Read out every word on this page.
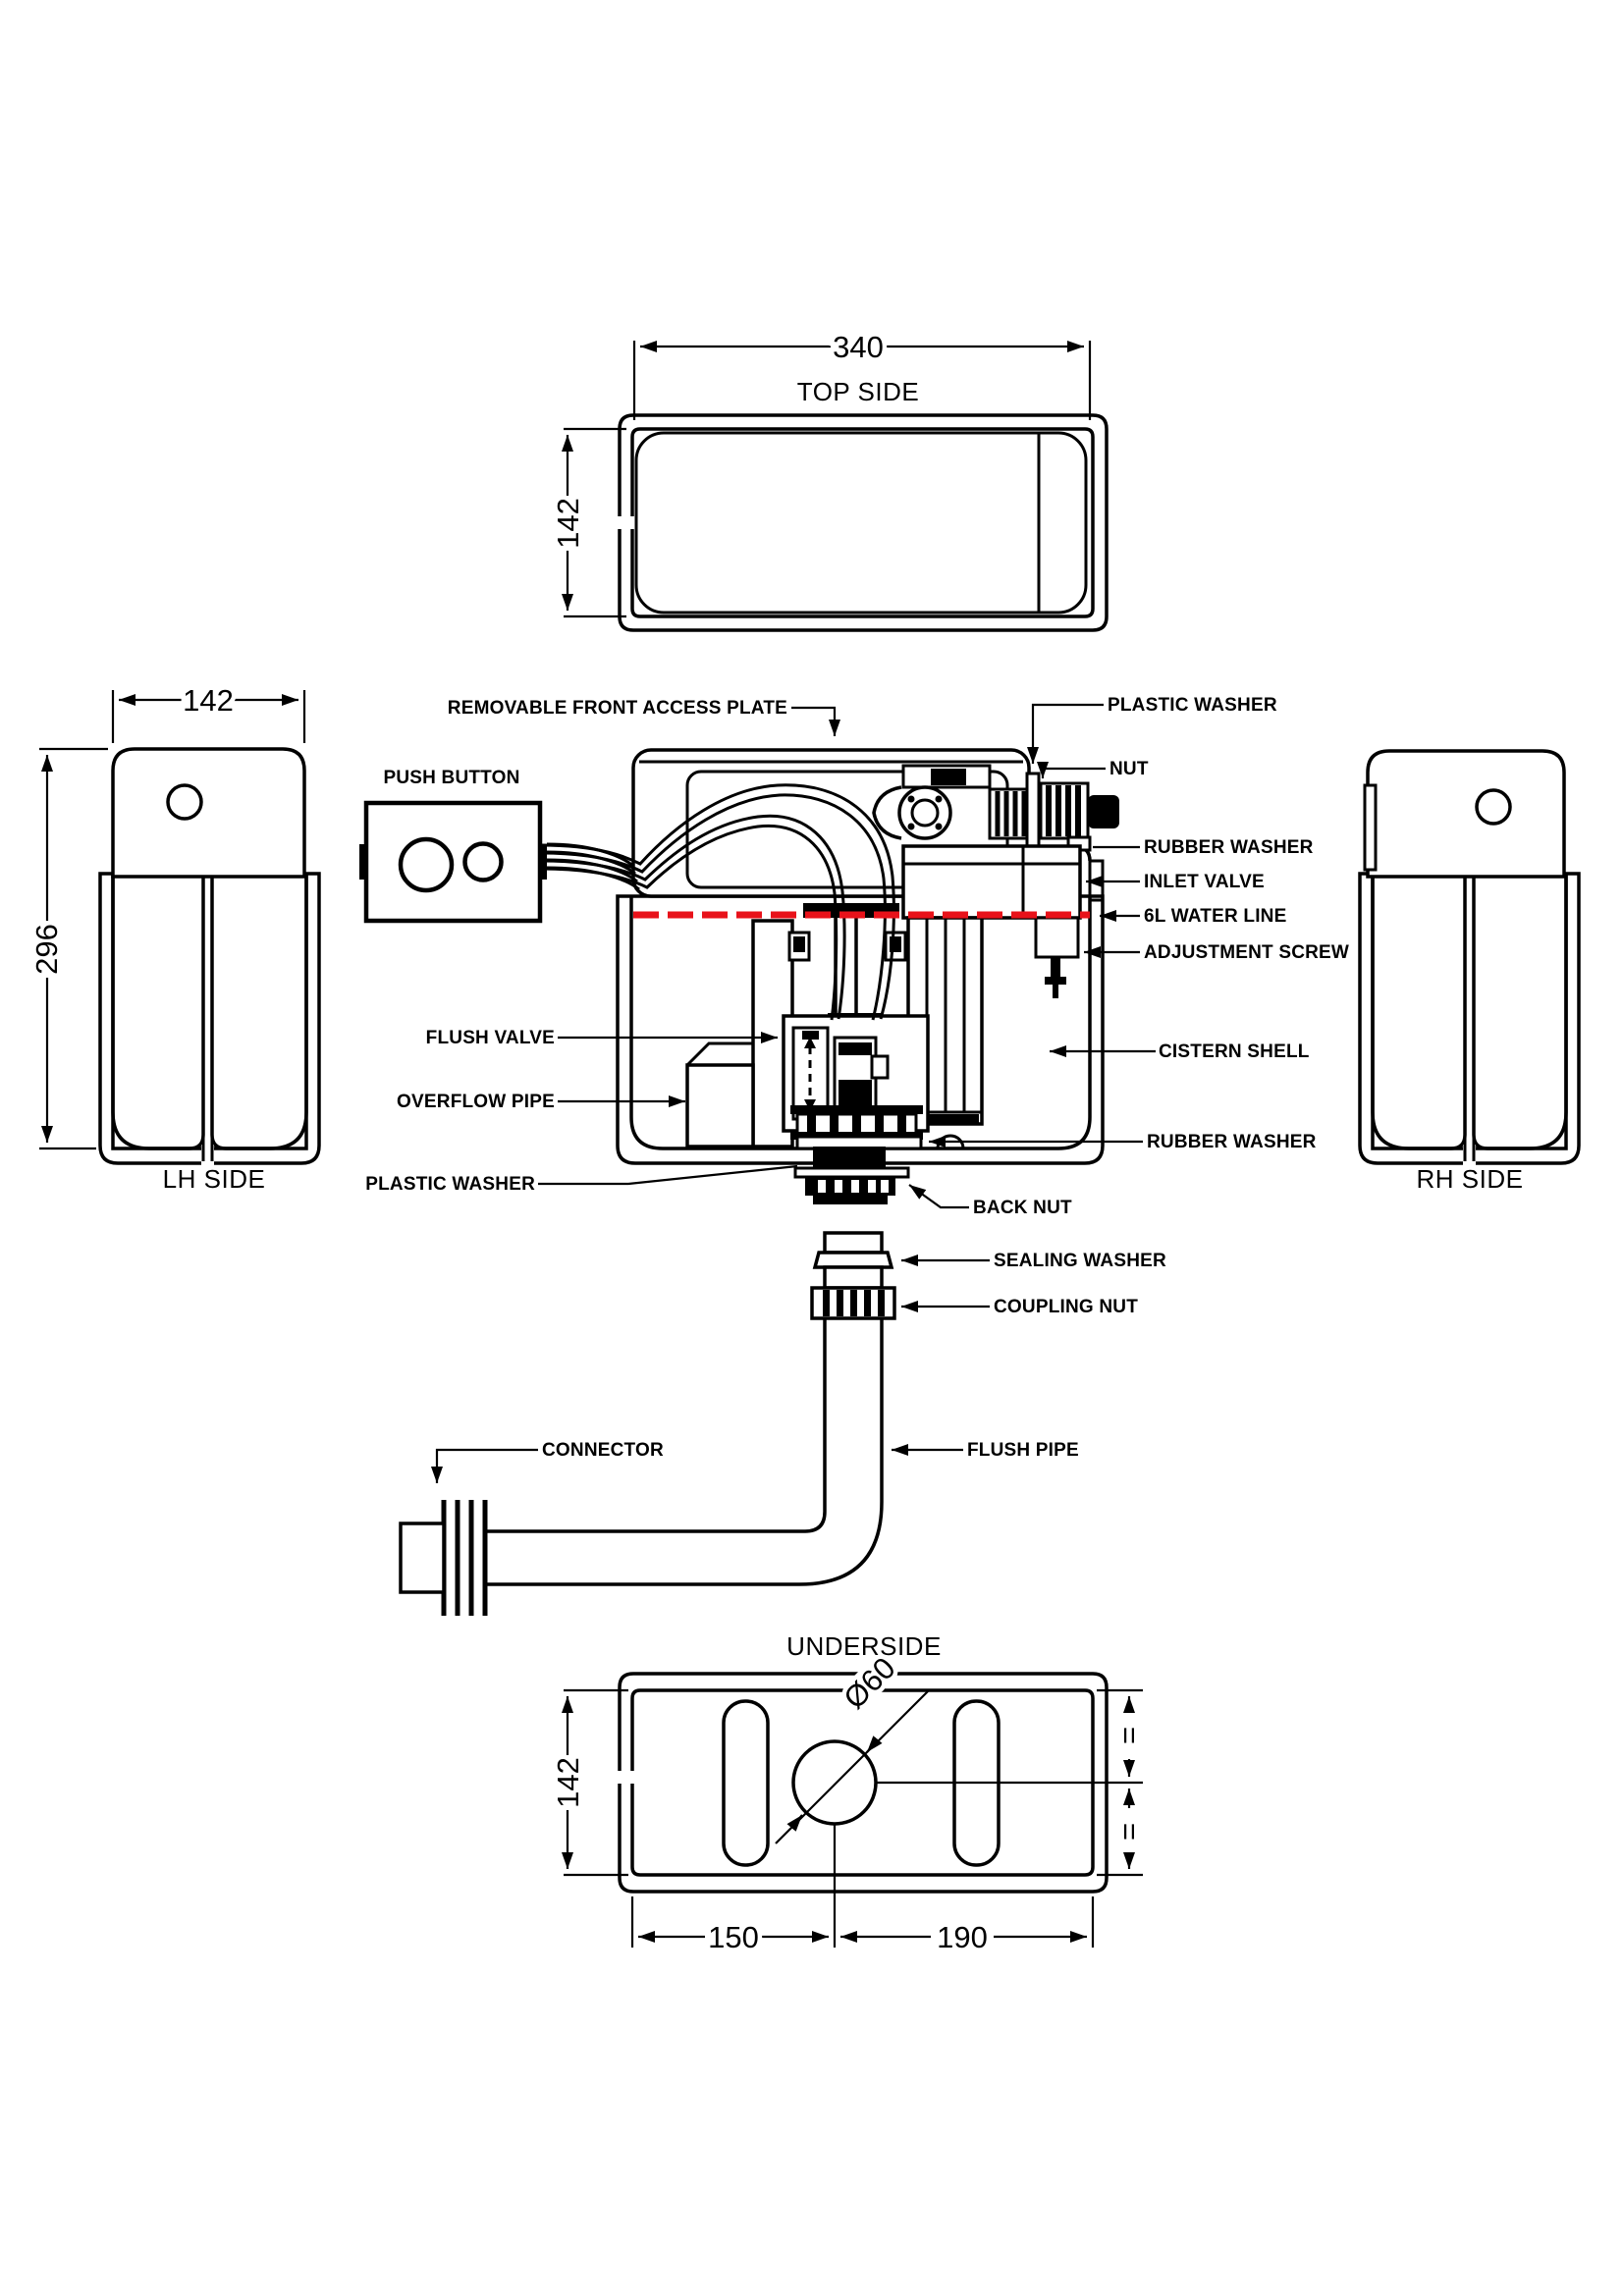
340
142
TOP SIDE
142
296
LH SIDE	RH SIDE
Ø60
142
=
=
150	190
UNDERSIDE
REMOVABLE FRONT ACCESS PLATE
PUSH BUTTON
PLASTIC WASHER
NUT
RUBBER WASHER
INLET VALVE
6L WATER LINE
ADJUSTMENT SCREW
FLUSH VALVE
OVERFLOW PIPE
CISTERN SHELL
RUBBER WASHER
PLASTIC WASHER
BACK NUT
SEALING WASHER
COUPLING NUT
CONNECTOR	FLUSH PIPE
